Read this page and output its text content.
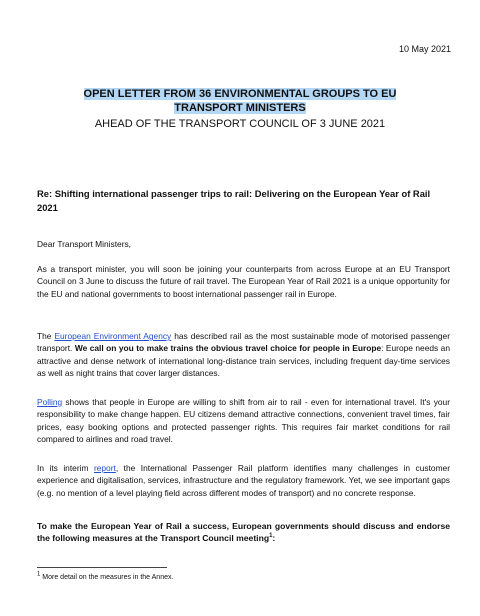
10 May 2021
OPEN LETTER FROM 36 ENVIRONMENTAL GROUPS TO EU
TRANSPORT MINISTERS
AHEAD OF THE TRANSPORT COUNCIL OF 3 JUNE 2021
Re: Shifting international passenger trips to rail: Delivering on the European Year of Rail 2021
Dear Transport Ministers,
As a transport minister, you will soon be joining your counterparts from across Europe at an EU Transport Council on 3 June to discuss the future of rail travel. The European Year of Rail 2021 is a unique opportunity for the EU and national governments to boost international passenger rail in Europe.
The European Environment Agency has described rail as the most sustainable mode of motorised passenger transport. We call on you to make trains the obvious travel choice for people in Europe: Europe needs an attractive and dense network of international long-distance train services, including frequent day-time services as well as night trains that cover larger distances.
Polling shows that people in Europe are willing to shift from air to rail - even for international travel. It's your responsibility to make change happen. EU citizens demand attractive connections, convenient travel times, fair prices, easy booking options and protected passenger rights. This requires fair market conditions for rail compared to airlines and road travel.
In its interim report, the International Passenger Rail platform identifies many challenges in customer experience and digitalisation, services, infrastructure and the regulatory framework. Yet, we see important gaps (e.g. no mention of a level playing field across different modes of transport) and no concrete response.
To make the European Year of Rail a success, European governments should discuss and endorse the following measures at the Transport Council meeting$^1$:
$^1$ More detail on the measures in the Annex.
